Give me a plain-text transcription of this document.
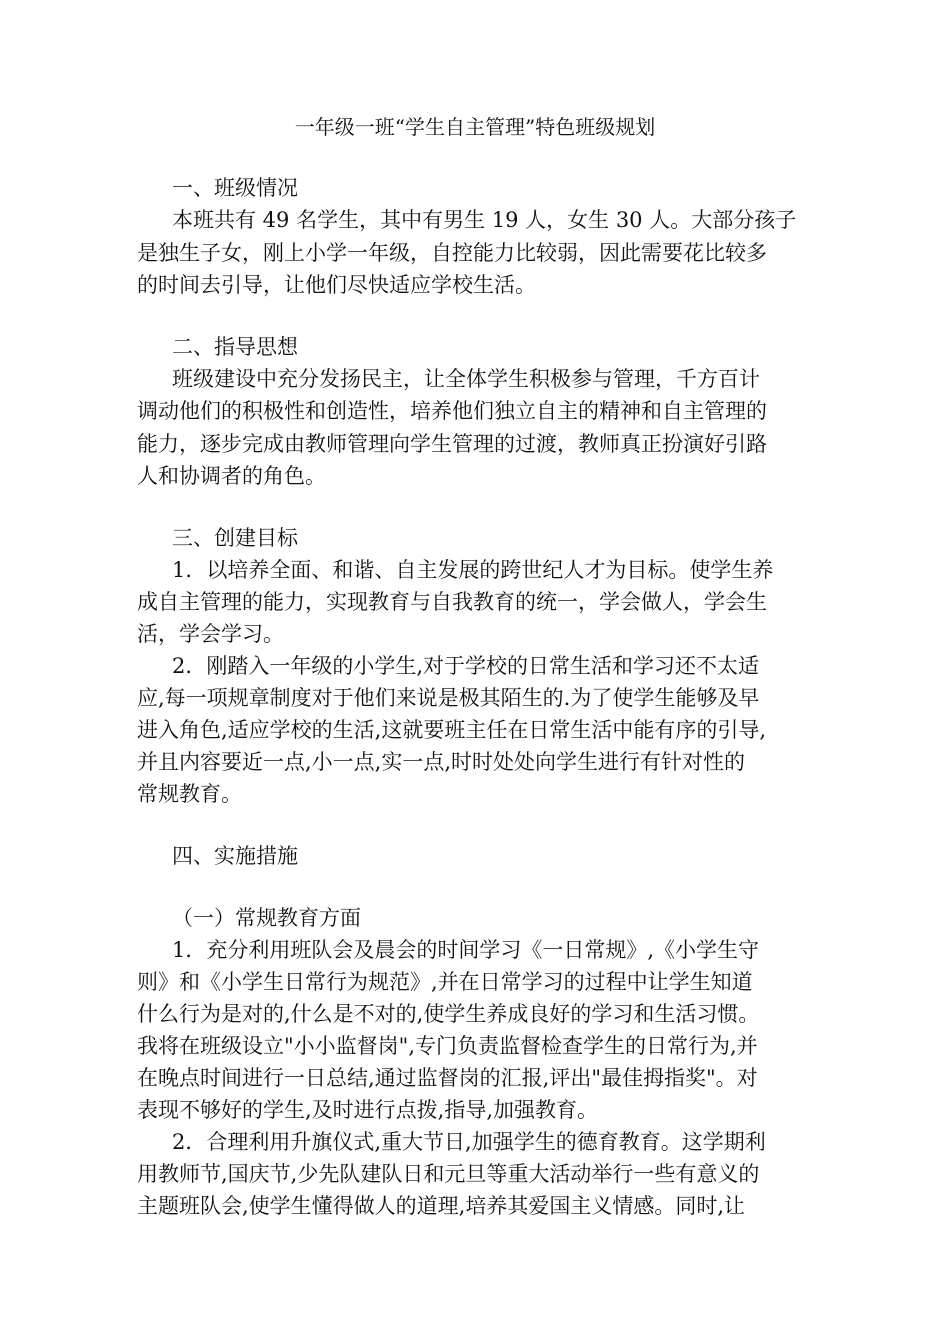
一年级一班“学生自主管理”特色班级规划
一、班级情况
本班共有 49 名学生，其中有男生 19 人，女生 30 人。大部分孩子
是独生子女，刚上小学一年级，自控能力比较弱，因此需要花比较多
的时间去引导，让他们尽快适应学校生活。
二、指导思想
班级建设中充分发扬民主，让全体学生积极参与管理，千方百计
调动他们的积极性和创造性，培养他们独立自主的精神和自主管理的
能力，逐步完成由教师管理向学生管理的过渡，教师真正扮演好引路
人和协调者的角色。
三、创建目标
1．以培养全面、和谐、自主发展的跨世纪人才为目标。使学生养
成自主管理的能力，实现教育与自我教育的统一，学会做人，学会生
活，学会学习。
2．刚踏入一年级的小学生,对于学校的日常生活和学习还不太适
应,每一项规章制度对于他们来说是极其陌生的.为了使学生能够及早
进入角色,适应学校的生活,这就要班主任在日常生活中能有序的引导,
并且内容要近一点,小一点,实一点,时时处处向学生进行有针对性的
常规教育。
四、实施措施
（一）常规教育方面
1．充分利用班队会及晨会的时间学习《一日常规》,《小学生守
则》和《小学生日常行为规范》,并在日常学习的过程中让学生知道
什么行为是对的,什么是不对的,使学生养成良好的学习和生活习惯。
我将在班级设立"小小监督岗",专门负责监督检查学生的日常行为,并
在晚点时间进行一日总结,通过监督岗的汇报,评出"最佳拇指奖"。对
表现不够好的学生,及时进行点拨,指导,加强教育。
2．合理利用升旗仪式,重大节日,加强学生的德育教育。这学期利
用教师节,国庆节,少先队建队日和元旦等重大活动举行一些有意义的
主题班队会,使学生懂得做人的道理,培养其爱国主义情感。同时,让
